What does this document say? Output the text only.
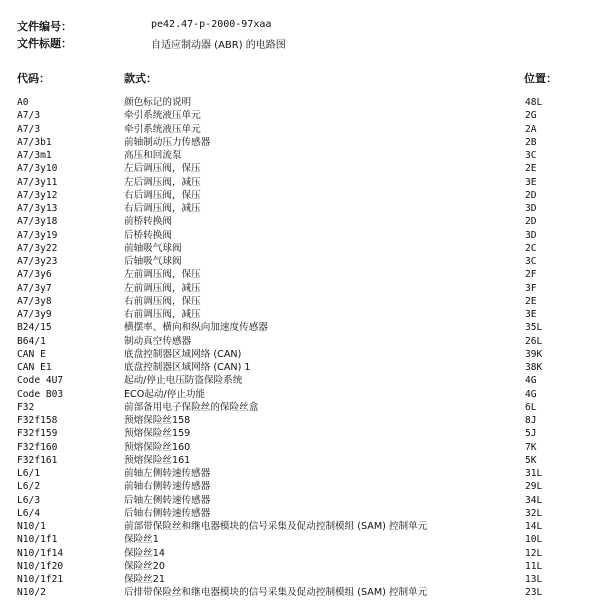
文件编号：	pe42.47-p-2000-97xaa
文件标题：	自适应制动器 (ABR) 的电路图
代码：	款式：	位置：
A0	颜色标记的说明	48L
A7/3	牵引系统液压单元	2G
A7/3	牵引系统液压单元	2A
A7/3b1	前轴制动压力传感器	2B
A7/3m1	高压和回流泵	3C
A7/3y10	左后调压阀，保压	2E
A7/3y11	左后调压阀，减压	3E
A7/3y12	右后调压阀，保压	2D
A7/3y13	右后调压阀，减压	3D
A7/3y18	前桥转换阀	2D
A7/3y19	后桥转换阀	3D
A7/3y22	前轴吸气球阀	2C
A7/3y23	后轴吸气球阀	3C
A7/3y6	左前调压阀，保压	2F
A7/3y7	左前调压阀，减压	3F
A7/3y8	右前调压阀，保压	2E
A7/3y9	右前调压阀，减压	3E
B24/15	横摆率、横向和纵向加速度传感器	35L
B64/1	制动真空传感器	26L
CAN E	底盘控制器区域网络 (CAN)	39K
CAN E1	底盘控制器区域网络 (CAN) 1	38K
Code 4U7	起动/停止电压防盗保险系统	4G
Code B03	ECO起动/停止功能	4G
F32	前部备用电子保险丝的保险丝盒	6L
F32f158	预熔保险丝158	8J
F32f159	预熔保险丝159	5J
F32f160	预熔保险丝160	7K
F32f161	预熔保险丝161	5K
L6/1	前轴左侧转速传感器	31L
L6/2	前轴右侧转速传感器	29L
L6/3	后轴左侧转速传感器	34L
L6/4	后轴右侧转速传感器	32L
N10/1	前部带保险丝和继电器模块的信号采集及促动控制模组 (SAM) 控制单元	14L
N10/1f1	保险丝1	10L
N10/1f14	保险丝14	12L
N10/1f20	保险丝20	11L
N10/1f21	保险丝21	13L
N10/2	后排带保险丝和继电器模块的信号采集及促动控制模组 (SAM) 控制单元	23L
